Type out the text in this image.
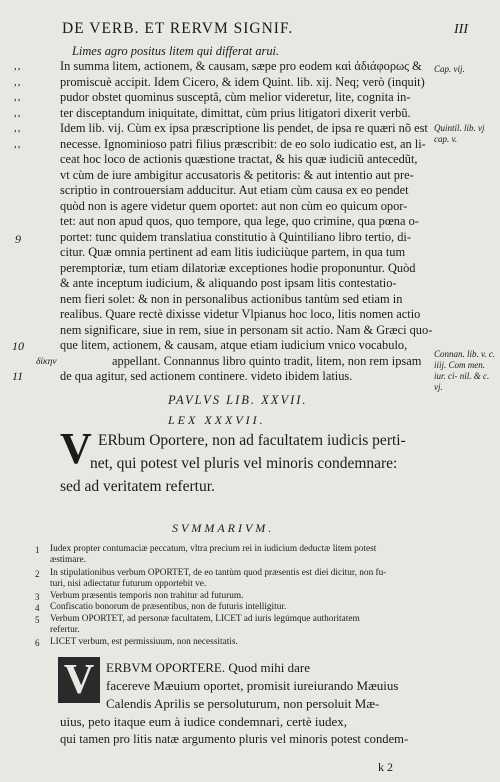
DE VERB. ET RERVM SIGNIF.	III
Limes agro positus litem qui differat arui.
In summa litem, actionem, & causam, sæpe pro eodem καὶ ἀδιάφορως &
promiscuè accipit. Idem Cicero, & idem Quint. lib. xij. Neq; verò (inquit)
pudor obstet quominus susceptâ, cùm melior videretur, lite, cognita in-
ter disceptandum iniquitate, dimittat, cùm prius litigatori dixerit verbũ.
Idem lib. vij. Cùm ex ipsa præscriptione lis pendet, de ipsa re quæri nõ est
necesse. Ignominioso patri filius præscribit: de eo solo iudicatio est, an li-
ceat hoc loco de actionis quæstione tractat, & his quæ iudiciũ antecedũt,
vt cùm de iure ambigitur accusatoris & petitoris: & aut intentio aut pre-
scriptio in controuersiam adducitur. Aut etiam cùm causa ex eo pendet
quòd non is agere videtur quem oportet: aut non cùm eo quicum opor-
tet: aut non apud quos, quo tempore, qua lege, quo crimine, qua pœna o-
portet: tunc quidem translatiua constitutio à Quintiliano libro tertio, di-
citur. Quæ omnia pertinent ad eam litis iudiciùque partem, in qua tum
peremptoriæ, tum etiam dilatoriæ exceptiones hodie proponuntur. Quòd
& ante inceptum iudicium, & aliquando post ipsam litis contestatio-
nem fieri solet: & non in personalibus actionibus tantùm sed etiam in
realibus. Quare rectè dixisse videtur Vlpianus hoc loco, litis nomen actio
nem significare, siue in rem, siue in personam sit actio. Nam & Græci quo-
que litem, actionem, & causam, atque etiam iudicium vnico vocabulo,
appellant. Connannus libro quinto tradit, litem, non rem ipsam
de qua agitur, sed actionem continere. videto ibidem latius.
,,
,,
,,
,,
,,
,,
9
10
11
δίκην
Cap. vij.
Quintil. lib. vj cap. v.
Connan. lib. v. c. iiij. Com men. iur. ci- nil. & c. vj.
PAVLVS LIB. XXVII.
LEX XXXVII.
V ERbum Oportere, non ad facultatem iudicis perti-
net, qui potest vel pluris vel minoris condemnare:
sed ad veritatem refertur.
SVMMARIVM.
1 Iudex propter contumaciæ peccatum, vltra precium rei in iudicium deductæ litem potest
æstimare.
2 In stipulationibus verbum OPORTET, de eo tantùm quod præsentis est diei dicitur, non fu-
turi, nisi adiectatur futurum opportebit ve.
3 Verbum præsentis temporis non trahitur ad futurum.
4 Confiscatio bonorum de præsentibus, non de futuris intelligitur.
5 Verbum OPORTET, ad personæ facultatem, LICET ad iuris legúmque authoritatem
refertur.
6 LICET verbum, est permissiuum, non necessitatis.
V ERBVM OPORTERE. Quod mihi dare
facereve Mæuium oportet, promisit iureiurando Mæuius
Calendis Aprilis se persoluturum, non persoluit Mæ-
uius, peto itaque eum à iudice condemnari, certè iudex,
qui tamen pro litis natæ argumento pluris vel minoris potest condem-
k 2
